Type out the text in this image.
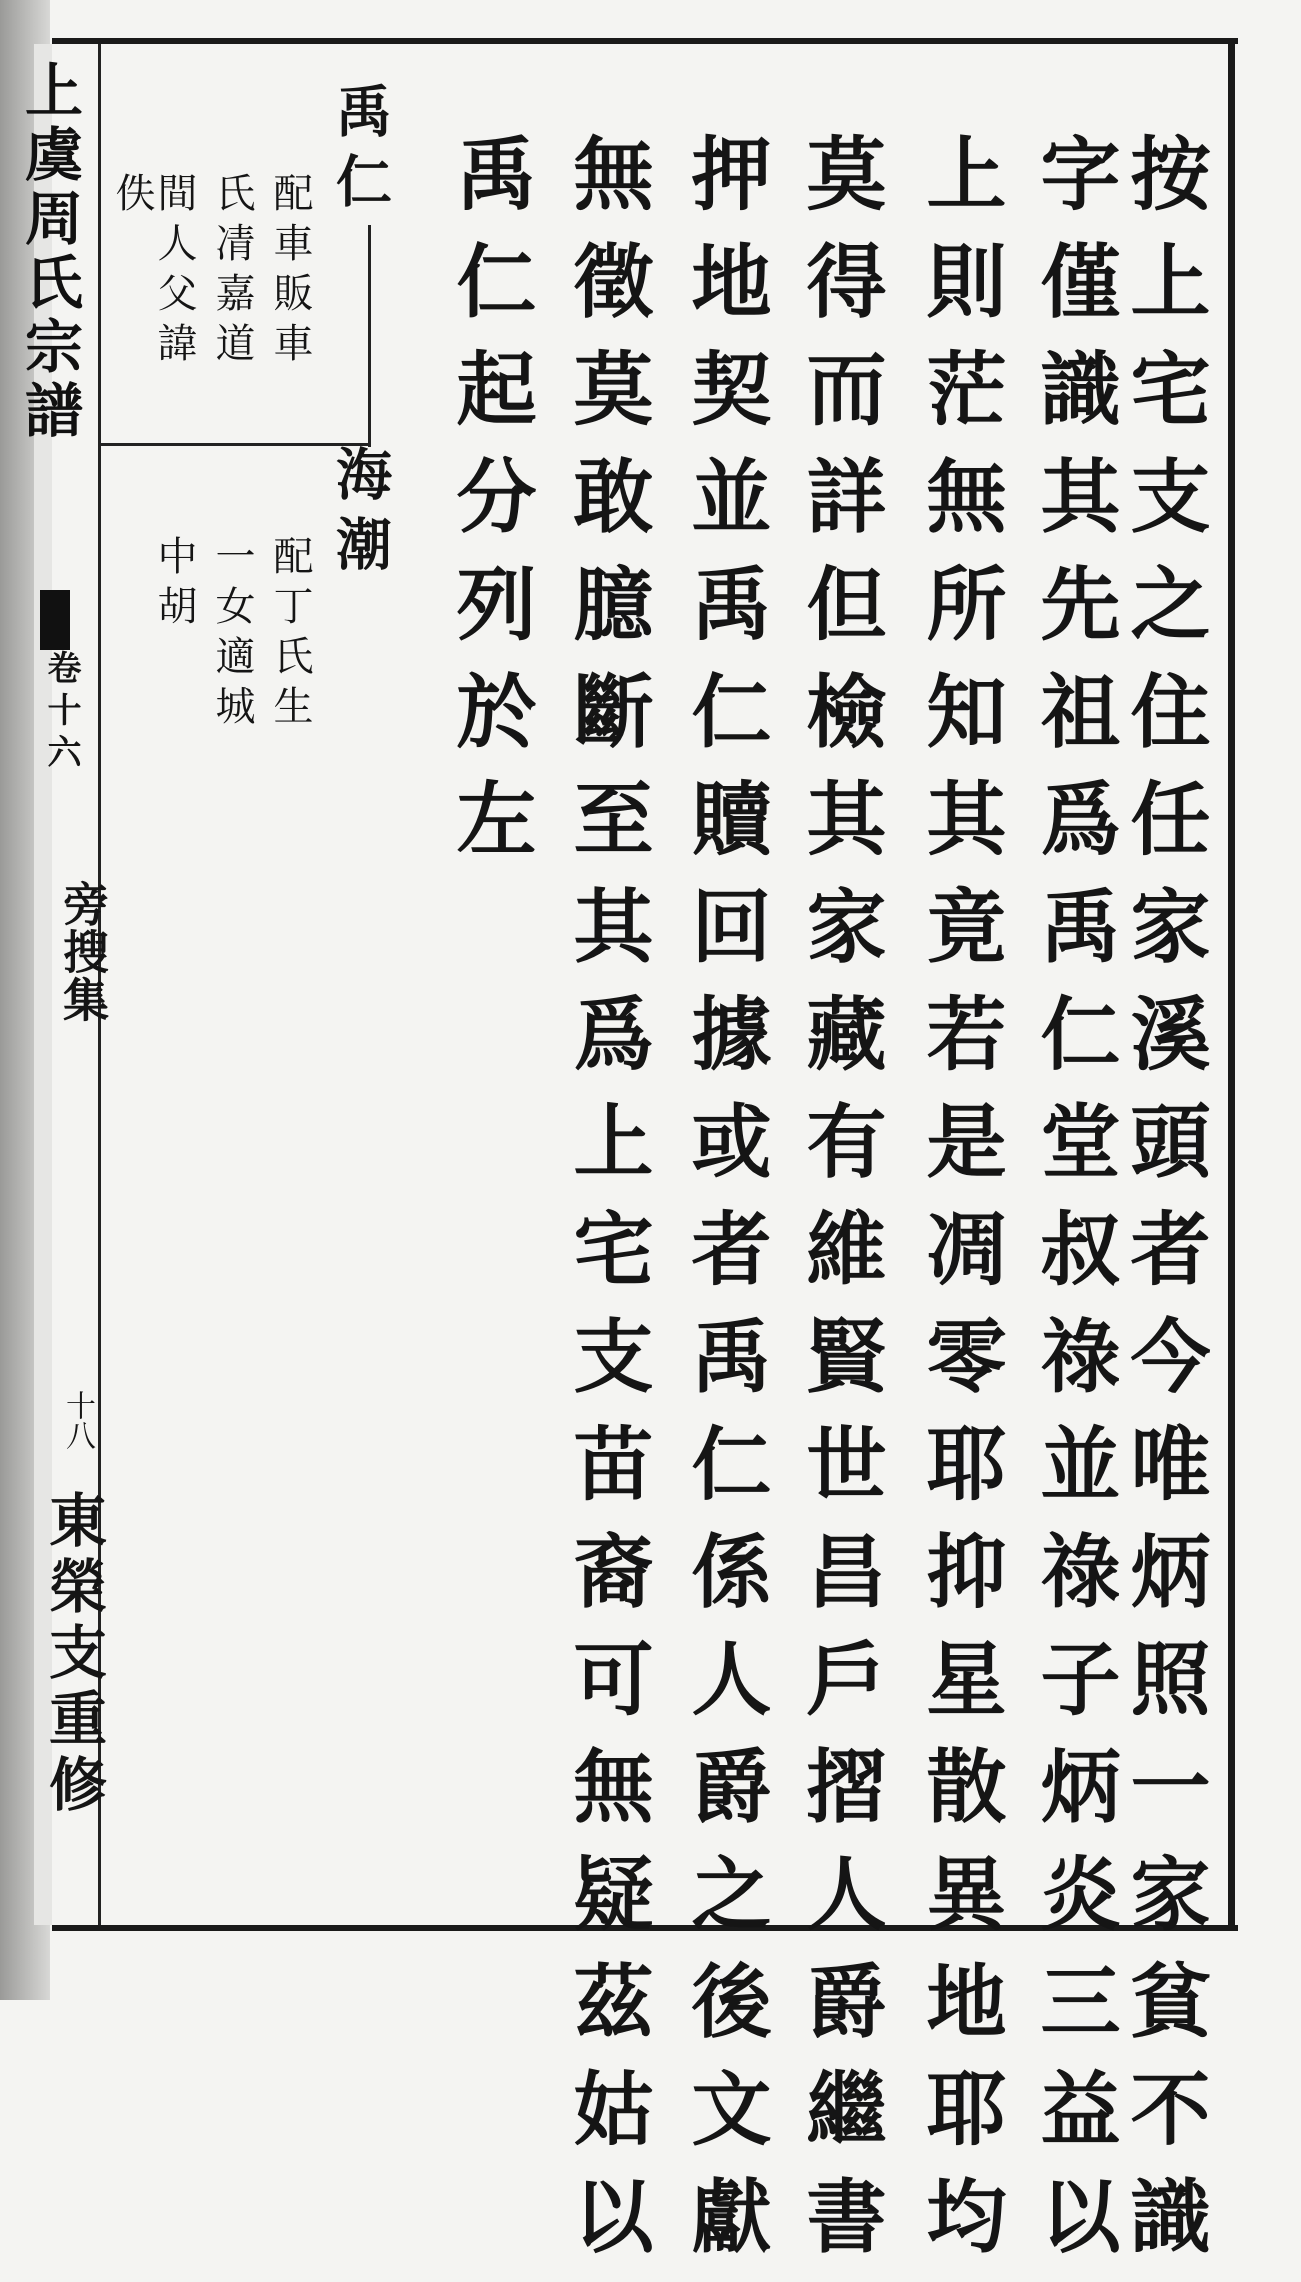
上虞周氏宗譜
卷十六
旁搜集
十八
東榮支重修	按上宅支之住任家溪頭者今唯炳照一家貧不識
字僅識其先祖爲禹仁堂叔祿並祿子炳炎三益以
上則茫無所知其竟若是凋零耶抑星散異地耶均
莫得而詳但檢其家藏有維賢世昌戶摺人爵繼書
押地契並禹仁贖回據或者禹仁係人爵之後文獻
無徵莫敢臆斷至其爲上宅支苗裔可無疑茲姑以
禹仁起分列於左
禹仁
配車販車
氏凊嘉道
間人父諱
佚
海潮
配丁氏生
一女適城
中胡
